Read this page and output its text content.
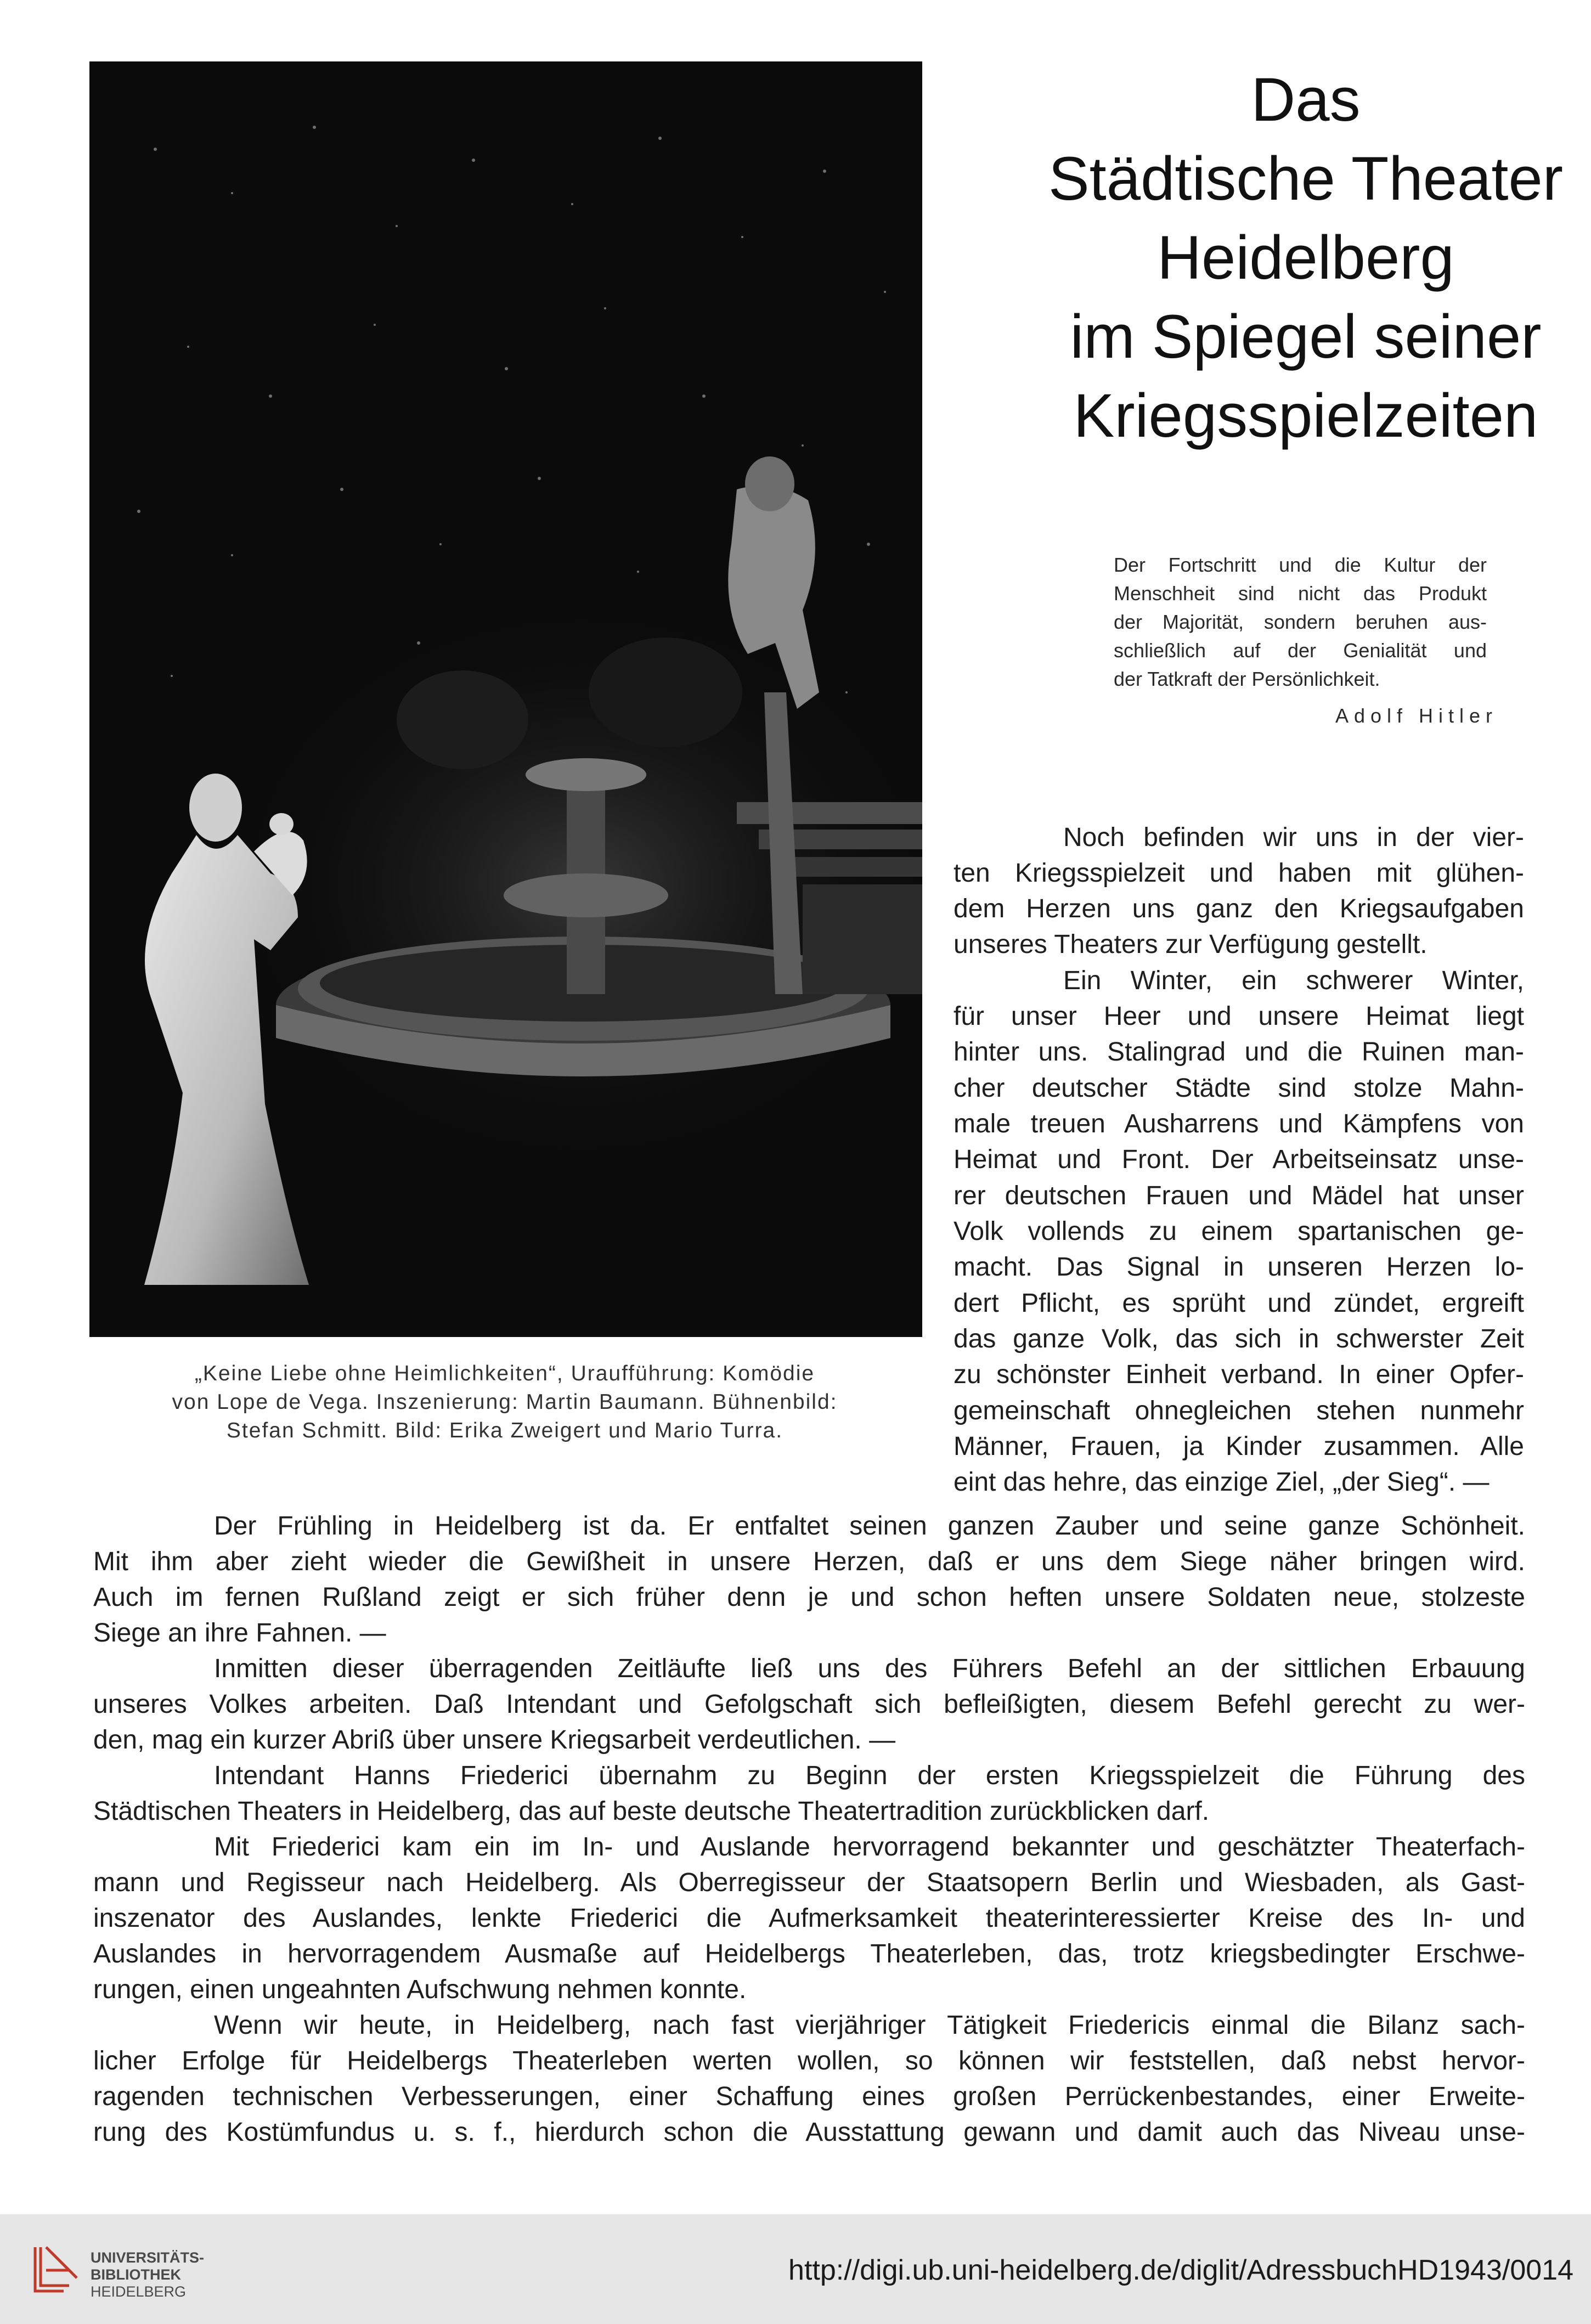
„Keine Liebe ohne Heimlichkeiten“, Uraufführung: Komödie
von Lope de Vega. Inszenierung: Martin Baumann. Bühnenbild:
Stefan Schmitt. Bild: Erika Zweigert und Mario Turra.
Das
Städtische Theater
Heidelberg
im Spiegel seiner
Kriegsspielzeiten
Der Fortschritt und die Kultur der
Menschheit sind nicht das Produkt
der Majorität, sondern beruhen aus-
schließlich auf der Genialität und
der Tatkraft der Persönlichkeit.
Adolf Hitler
Noch befinden wir uns in der vier-
ten Kriegsspielzeit und haben mit glühen-
dem Herzen uns ganz den Kriegsaufgaben
unseres Theaters zur Verfügung gestellt.
Ein Winter, ein schwerer Winter,
für unser Heer und unsere Heimat liegt
hinter uns. Stalingrad und die Ruinen man-
cher deutscher Städte sind stolze Mahn-
male treuen Ausharrens und Kämpfens von
Heimat und Front. Der Arbeitseinsatz unse-
rer deutschen Frauen und Mädel hat unser
Volk vollends zu einem spartanischen ge-
macht. Das Signal in unseren Herzen lo-
dert Pflicht, es sprüht und zündet, ergreift
das ganze Volk, das sich in schwerster Zeit
zu schönster Einheit verband. In einer Opfer-
gemeinschaft ohnegleichen stehen nunmehr
Männer, Frauen, ja Kinder zusammen. Alle
eint das hehre, das einzige Ziel, „der Sieg“. —
Der Frühling in Heidelberg ist da. Er entfaltet seinen ganzen Zauber und seine ganze Schönheit.
Mit ihm aber zieht wieder die Gewißheit in unsere Herzen, daß er uns dem Siege näher bringen wird.
Auch im fernen Rußland zeigt er sich früher denn je und schon heften unsere Soldaten neue, stolzeste
Siege an ihre Fahnen. —
Inmitten dieser überragenden Zeitläufte ließ uns des Führers Befehl an der sittlichen Erbauung
unseres Volkes arbeiten. Daß Intendant und Gefolgschaft sich befleißigten, diesem Befehl gerecht zu wer-
den, mag ein kurzer Abriß über unsere Kriegsarbeit verdeutlichen. —
Intendant Hanns Friederici übernahm zu Beginn der ersten Kriegsspielzeit die Führung des
Städtischen Theaters in Heidelberg, das auf beste deutsche Theatertradition zurückblicken darf.
Mit Friederici kam ein im In- und Auslande hervorragend bekannter und geschätzter Theaterfach-
mann und Regisseur nach Heidelberg. Als Oberregisseur der Staatsopern Berlin und Wiesbaden, als Gast-
inszenator des Auslandes, lenkte Friederici die Aufmerksamkeit theaterinteressierter Kreise des In- und
Auslandes in hervorragendem Ausmaße auf Heidelbergs Theaterleben, das, trotz kriegsbedingter Erschwe-
rungen, einen ungeahnten Aufschwung nehmen konnte.
Wenn wir heute, in Heidelberg, nach fast vierjähriger Tätigkeit Friedericis einmal die Bilanz sach-
licher Erfolge für Heidelbergs Theaterleben werten wollen, so können wir feststellen, daß nebst hervor-
ragenden technischen Verbesserungen, einer Schaffung eines großen Perrückenbestandes, einer Erweite-
rung des Kostümfundus u. s. f., hierdurch schon die Ausstattung gewann und damit auch das Niveau unse-
UNIVERSITÄTS-
BIBLIOTHEK
HEIDELBERG
http://digi.ub.uni-heidelberg.de/diglit/AdressbuchHD1943/0014
